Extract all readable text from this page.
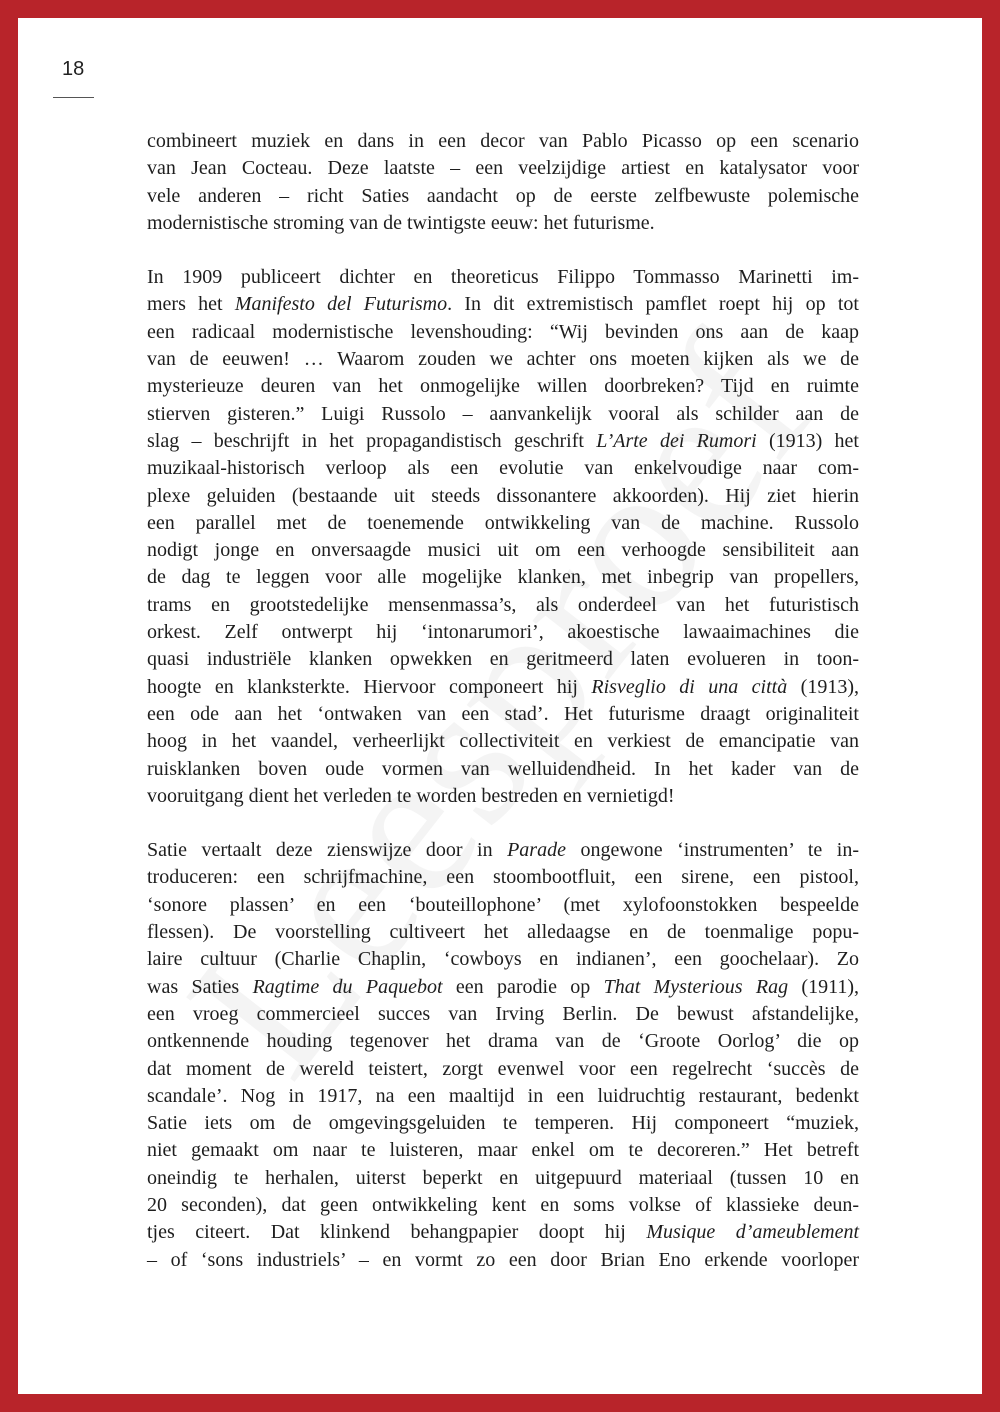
18

combineert muziek en dans in een decor van Pablo Picasso op een scenario
van Jean Cocteau. Deze laatste – een veelzijdige artiest en katalysator voor
vele anderen – richt Saties aandacht op de eerste zelfbewuste polemische
modernistische stroming van de twintigste eeuw: het futurisme.

In 1909 publiceert dichter en theoreticus Filippo Tommasso Marinetti im-
mers het Manifesto del Futurismo. In dit extremistisch pamflet roept hij op tot
een radicaal modernistische levenshouding: “Wij bevinden ons aan de kaap
van de eeuwen! … Waarom zouden we achter ons moeten kijken als we de
mysterieuze deuren van het onmogelijke willen doorbreken? Tijd en ruimte
stierven gisteren.” Luigi Russolo – aanvankelijk vooral als schilder aan de
slag – beschrijft in het propagandistisch geschrift L’Arte dei Rumori (1913) het
muzikaal-historisch verloop als een evolutie van enkelvoudige naar com-
plexe geluiden (bestaande uit steeds dissonantere akkoorden). Hij ziet hierin
een parallel met de toenemende ontwikkeling van de machine. Russolo
nodigt jonge en onversaagde musici uit om een verhoogde sensibiliteit aan
de dag te leggen voor alle mogelijke klanken, met inbegrip van propellers,
trams en grootstedelijke mensenmassa’s, als onderdeel van het futuristisch
orkest. Zelf ontwerpt hij ‘intonarumori’, akoestische lawaaimachines die
quasi industriële klanken opwekken en geritmeerd laten evolueren in toon-
hoogte en klanksterkte. Hiervoor componeert hij Risveglio di una città (1913),
een ode aan het ‘ontwaken van een stad’. Het futurisme draagt originaliteit
hoog in het vaandel, verheerlijkt collectiviteit en verkiest de emancipatie van
ruisklanken boven oude vormen van welluidendheid. In het kader van de
vooruitgang dient het verleden te worden bestreden en vernietigd!

Satie vertaalt deze zienswijze door in Parade ongewone ‘instrumenten’ te in-
troduceren: een schrijfmachine, een stoombootfluit, een sirene, een pistool,
‘sonore plassen’ en een ‘bouteillophone’ (met xylofoonstokken bespeelde
flessen). De voorstelling cultiveert het alledaagse en de toenmalige popu-
laire cultuur (Charlie Chaplin, ‘cowboys en indianen’, een goochelaar). Zo
was Saties Ragtime du Paquebot een parodie op That Mysterious Rag (1911),
een vroeg commercieel succes van Irving Berlin. De bewust afstandelijke,
ontkennende houding tegenover het drama van de ‘Groote Oorlog’ die op
dat moment de wereld teistert, zorgt evenwel voor een regelrecht ‘succès de
scandale’. Nog in 1917, na een maaltijd in een luidruchtig restaurant, bedenkt
Satie iets om de omgevingsgeluiden te temperen. Hij componeert “muziek,
niet gemaakt om naar te luisteren, maar enkel om te decoreren.” Het betreft
oneindig te herhalen, uiterst beperkt en uitgepuurd materiaal (tussen 10 en
20 seconden), dat geen ontwikkeling kent en soms volkse of klassieke deun-
tjes citeert. Dat klinkend behangpapier doopt hij Musique d’ameublement
– of ‘sons industriels’ – en vormt zo een door Brian Eno erkende voorloper
